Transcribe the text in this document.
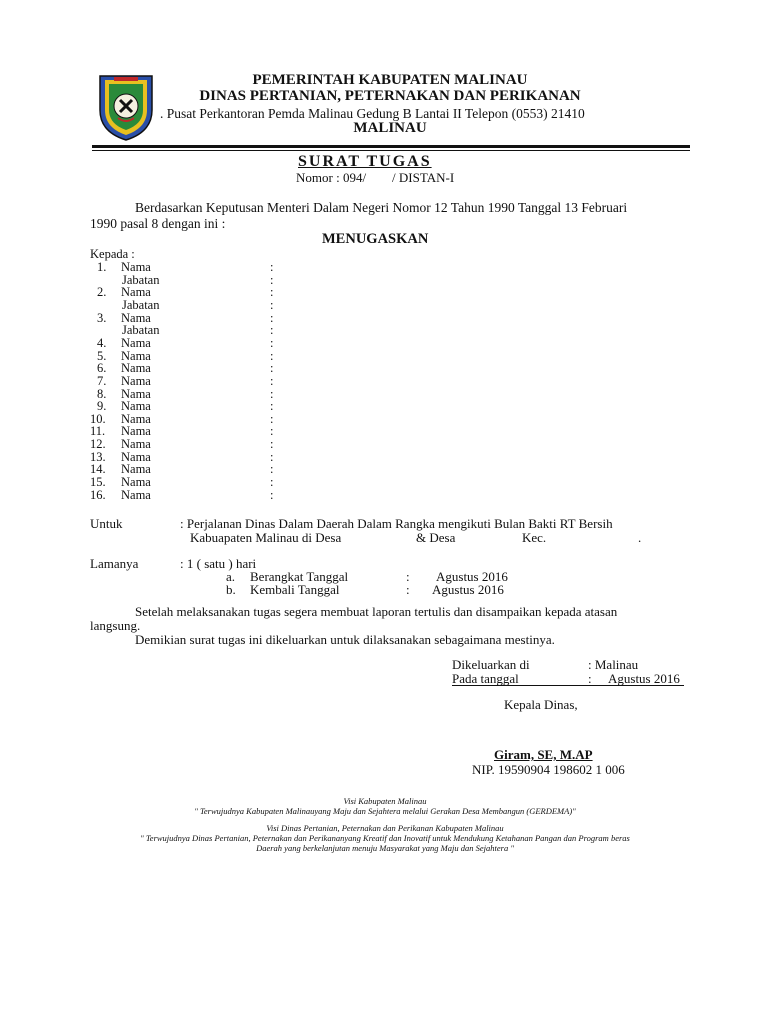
PEMERINTAH KABUPATEN MALINAU
DINAS PERTANIAN, PETERNAKAN DAN PERIKANAN
. Pusat Perkantoran Pemda Malinau Gedung B Lantai II Telepon (0553) 21410
MALINAU
SURAT TUGAS
Nomor : 094/        / DISTAN-I
Berdasarkan Keputusan Menteri Dalam Negeri Nomor 12 Tahun 1990 Tanggal 13 Februari
1990 pasal 8 dengan ini :
MENUGASKAN
Kepada :
1. Nama	:
Jabatan	:
2. Nama	:
Jabatan	:
3. Nama	:
Jabatan	:
4. Nama	:
5. Nama	:
6. Nama	:
7. Nama	:
8. Nama	:
9. Nama	:
10. Nama	:
11. Nama	:
12. Nama	:
13. Nama	:
14. Nama	:
15. Nama	:
16. Nama	:
Untuk	: Perjalanan Dinas Dalam Daerah Dalam Rangka mengikuti Bulan Bakti RT Bersih
Kabuapaten Malinau di Desa	& Desa	Kec.	.
Lamanya	: 1 ( satu ) hari
a. Berangkat Tanggal	: Agustus 2016
b. Kembali Tanggal	: Agustus 2016
Setelah melaksanakan tugas segera membuat laporan tertulis dan disampaikan kepada atasan
langsung.
Demikian surat tugas ini dikeluarkan untuk dilaksanakan sebagaimana mestinya.
Dikeluarkan di	: Malinau
Pada tanggal	: Agustus 2016
Kepala Dinas,
Giram, SE, M.AP
NIP. 19590904 198602 1 006
Visi Kabupaten Malinau
" Terwujudnya Kabupaten Malinauyang Maju dan Sejahtera melalui Gerakan Desa Membangun (GERDEMA)"
Visi Dinas Pertanian, Peternakan dan Perikanan Kabupaten Malinau
" Terwujudnya Dinas Pertanian, Peternakan dan Perikananyang Kreatif dan Inovatif untuk Mendukung Ketahanan Pangan dan Program beras
Daerah yang berkelanjutan menuju Masyarakat yang Maju dan Sejahtera "
